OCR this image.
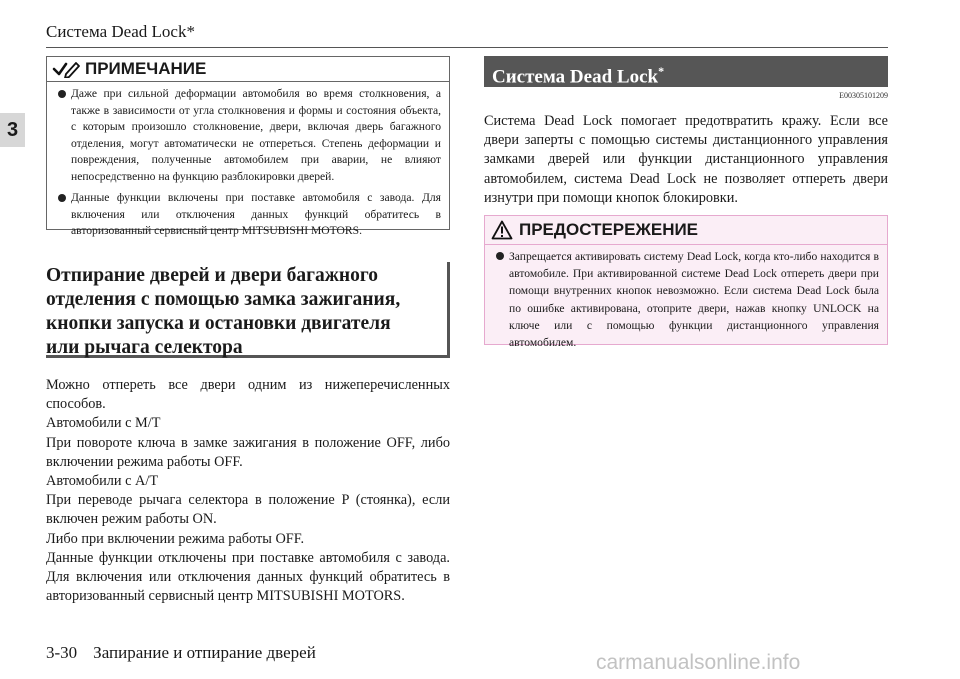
Система Dead Lock*
3
ПРИМЕЧАНИЕ
Даже при сильной деформации автомобиля во время столкновения, а также в зависимости от угла столкновения и формы и состояния объекта, с которым произошло столкновение, двери, включая дверь багажного отделения, могут автоматически не отпереться. Степень деформации и повреждения, полученные автомобилем при аварии, не влияют непосредственно на функцию разблокировки дверей.
Данные функции включены при поставке автомобиля с завода. Для включения или отключения данных функций обратитесь в авторизованный сервисный центр MITSUBISHI MOTORS.
Отпирание дверей и двери багажного
отделения с помощью замка зажигания,
кнопки запуска и остановки двигателя
или рычага селектора

Можно отпереть все двери одним из нижеперечисленных способов.

Автомобили с M/T

При повороте ключа в замке зажигания в положение OFF, либо включении режима работы OFF.

Автомобили с A/T

При переводе рычага селектора в положение P (стоянка), если включен режим работы ON.

Либо при включении режима работы OFF.

Данные функции отключены при поставке автомобиля с завода. Для включения или отключения данных функций обратитесь в авторизованный сервисный центр MITSUBISHI MOTORS.

Система Dead Lock*
E00305101209

Система Dead Lock помогает предотвратить кражу. Если все двери заперты с помощью системы дистанционного управления замками дверей или функции дистанционного управления автомобилем, система Dead Lock не позволяет отпереть двери изнутри при помощи кнопок блокировки.

ПРЕДОСТЕРЕЖЕНИЕ
Запрещается активировать систему Dead Lock, когда кто-либо находится в автомобиле. При активированной системе Dead Lock отпереть двери при помощи внутренних кнопок невозможно. Если система Dead Lock была по ошибке активирована, отоприте двери, нажав кнопку UNLOCK на ключе или с помощью функции дистанционного управления автомобилем.
3-30 Запирание и отпирание дверей	carmanualsonline.info
